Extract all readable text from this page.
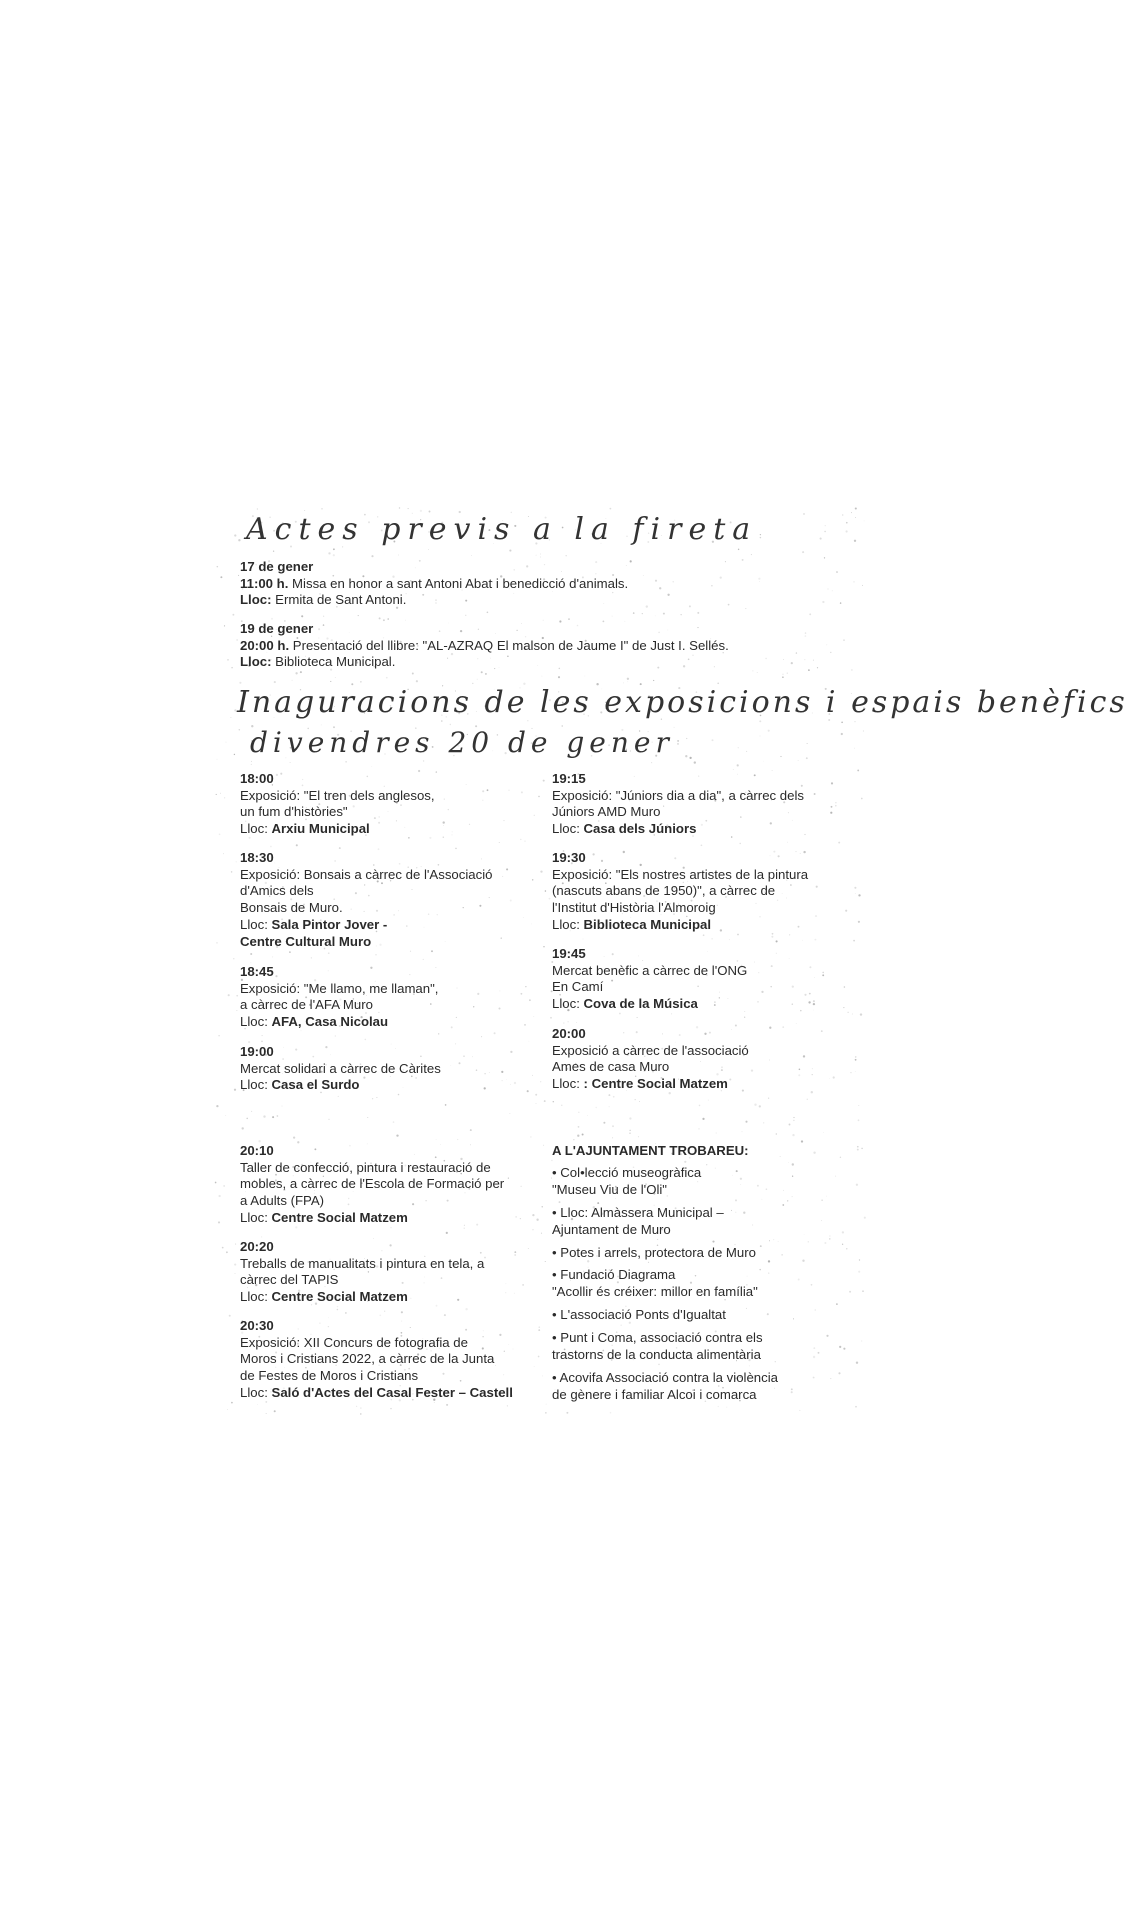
Actes previs a la fireta
17 de gener
11:00 h. Missa en honor a sant Antoni Abat i benedicció d'animals.
Lloc: Ermita de Sant Antoni.
19 de gener
20:00 h. Presentació del llibre: "AL-AZRAQ El malson de Jaume I" de Just I. Sellés.
Lloc: Biblioteca Municipal.
Inaguracions de les exposicions i espais benèfics
divendres 20 de gener
18:00
Exposició: "El tren dels anglesos,
un fum d'històries"
Lloc: Arxiu Municipal
18:30
Exposició: Bonsais a càrrec de l'Associació
d'Amics dels
Bonsais de Muro.
Lloc: Sala Pintor Jover -
Centre Cultural Muro
18:45
Exposició: "Me llamo, me llaman",
a càrrec de l'AFA Muro
Lloc: AFA, Casa Nicolau
19:00
Mercat solidari a càrrec de Càrites
Lloc: Casa el Surdo
19:15
Exposició: "Júniors dia a dia", a càrrec dels
Júniors AMD Muro
Lloc: Casa dels Júniors
19:30
Exposició: "Els nostres artistes de la pintura
(nascuts abans de 1950)", a càrrec de
l'Institut d'Història l'Almoroig
Lloc: Biblioteca Municipal
19:45
Mercat benèfic a càrrec de l'ONG
En Camí
Lloc: Cova de la Música
20:00
Exposició a càrrec de l'associació
Ames de casa Muro
Lloc: : Centre Social Matzem
20:10
Taller de confecció, pintura i restauració de
mobles, a càrrec de l'Escola de Formació per
a Adults (FPA)
Lloc: Centre Social Matzem
20:20
Treballs de manualitats i pintura en tela, a
càrrec del TAPIS
Lloc: Centre Social Matzem
20:30
Exposició: XII Concurs de fotografia de
Moros i Cristians 2022, a càrrec de la Junta
de Festes de Moros i Cristians
Lloc: Saló d'Actes del Casal Fester – Castell
A L'AJUNTAMENT TROBAREU:
• Col•lecció museogràfica
"Museu Viu de l'Oli"
• Lloc: Almàssera Municipal –
Ajuntament de Muro
• Potes i arrels, protectora de Muro
• Fundació Diagrama
"Acollir és créixer: millor en família"
• L'associació Ponts d'Igualtat
• Punt i Coma, associació contra els
trastorns de la conducta alimentària
• Acovifa Associació contra la violència
de gènere i familiar Alcoi i comarca
